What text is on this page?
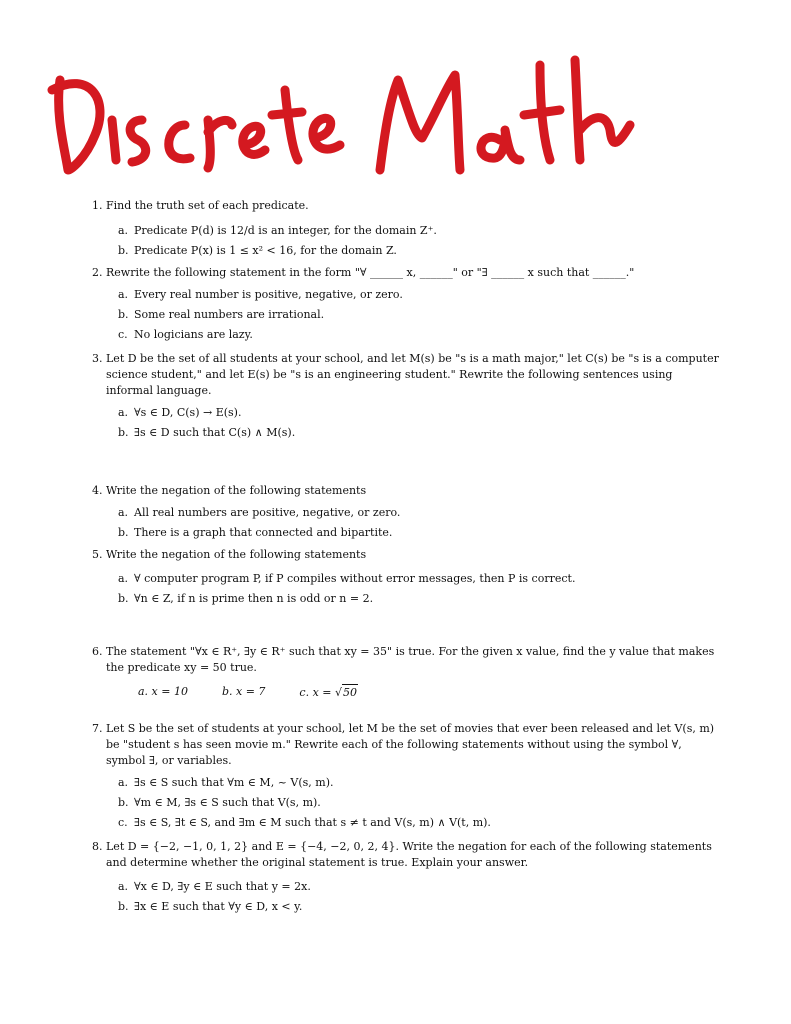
1. Find the truth set of each predicate.
a. Predicate P(d) is 12/d is an integer, for the domain Z⁺.
b. Predicate P(x) is 1 ≤ x² < 16, for the domain Z.
2. Rewrite the following statement in the form "∀ ______ x, ______" or "∃ ______ x such that ______."
a. Every real number is positive, negative, or zero.
b. Some real numbers are irrational.
c. No logicians are lazy.
3. Let D be the set of all students at your school, and let M(s) be "s is a math major," let C(s) be "s is a computer science student," and let E(s) be "s is an engineering student." Rewrite the following sentences using informal language.
a. ∀s ∈ D, C(s) → E(s).
b. ∃s ∈ D such that C(s) ∧ M(s).
4. Write the negation of the following statements
a. All real numbers are positive, negative, or zero.
b. There is a graph that connected and bipartite.
5. Write the negation of the following statements
a. ∀ computer program P, if P compiles without error messages, then P is correct.
b. ∀n ∈ Z, if n is prime then n is odd or n = 2.
6. The statement "∀x ∈ R⁺, ∃y ∈ R⁺ such that xy = 35" is true. For the given x value, find the y value that makes the predicate xy = 50 true.
a. x = 10	b. x = 7	c. x = √50
7. Let S be the set of students at your school, let M be the set of movies that ever been released and let V(s, m) be "student s has seen movie m." Rewrite each of the following statements without using the symbol ∀, symbol ∃, or variables.
a. ∃s ∈ S such that ∀m ∈ M, ~ V(s, m).
b. ∀m ∈ M, ∃s ∈ S such that V(s, m).
c. ∃s ∈ S, ∃t ∈ S, and ∃m ∈ M such that s ≠ t and V(s, m) ∧ V(t, m).
8. Let D = {−2, −1, 0, 1, 2} and E = {−4, −2, 0, 2, 4}. Write the negation for each of the following statements and determine whether the original statement is true. Explain your answer.
a. ∀x ∈ D, ∃y ∈ E such that y = 2x.
b. ∃x ∈ E such that ∀y ∈ D, x < y.
